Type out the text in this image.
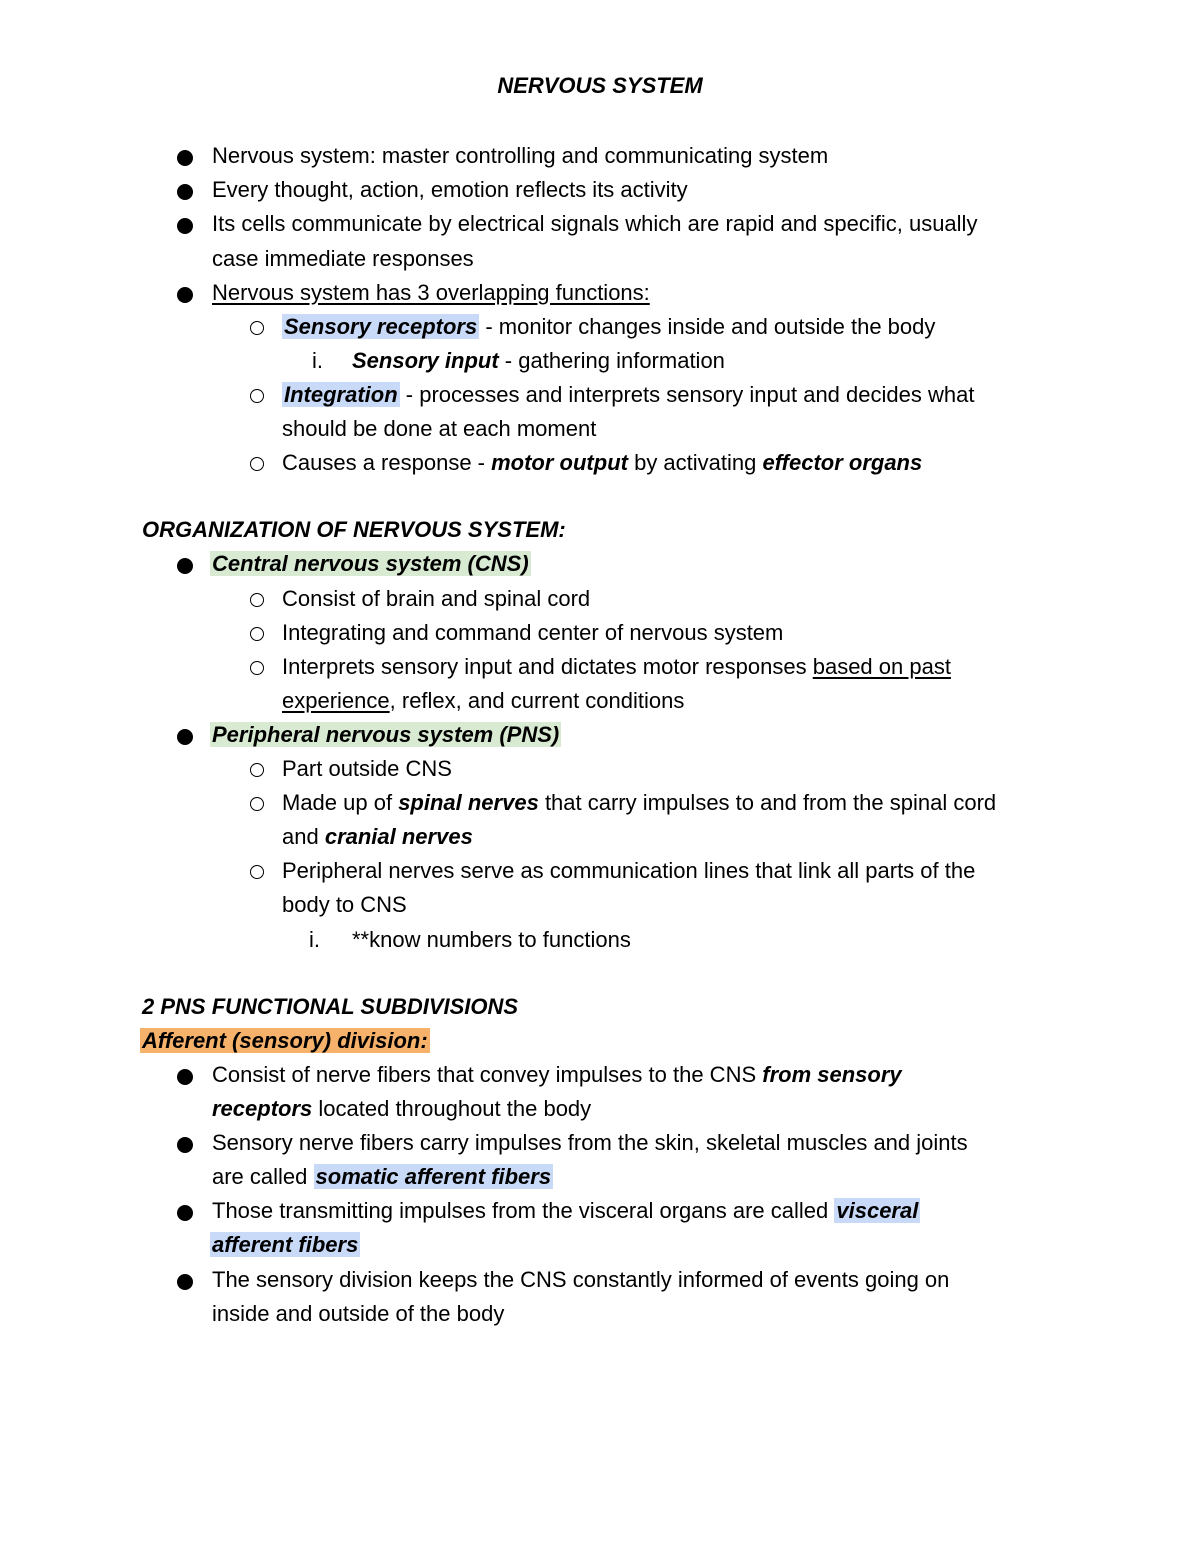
NERVOUS SYSTEM
Nervous system: master controlling and communicating system
Every thought, action, emotion reflects its activity
Its cells communicate by electrical signals which are rapid and specific, usually
case immediate responses
Nervous system has 3 overlapping functions:
Sensory receptors - monitor changes inside and outside the body
i. Sensory input - gathering information
Integration - processes and interprets sensory input and decides what
should be done at each moment
Causes a response - motor output by activating effector organs
ORGANIZATION OF NERVOUS SYSTEM:
Central nervous system (CNS)
Consist of brain and spinal cord
Integrating and command center of nervous system
Interprets sensory input and dictates motor responses based on past
experience, reflex, and current conditions
Peripheral nervous system (PNS)
Part outside CNS
Made up of spinal nerves that carry impulses to and from the spinal cord
and cranial nerves
Peripheral nerves serve as communication lines that link all parts of the
body to CNS
i. **know numbers to functions
2 PNS FUNCTIONAL SUBDIVISIONS
Afferent (sensory) division:
Consist of nerve fibers that convey impulses to the CNS from sensory
receptors located throughout the body
Sensory nerve fibers carry impulses from the skin, skeletal muscles and joints
are called somatic afferent fibers
Those transmitting impulses from the visceral organs are called visceral
afferent fibers
The sensory division keeps the CNS constantly informed of events going on
inside and outside of the body
